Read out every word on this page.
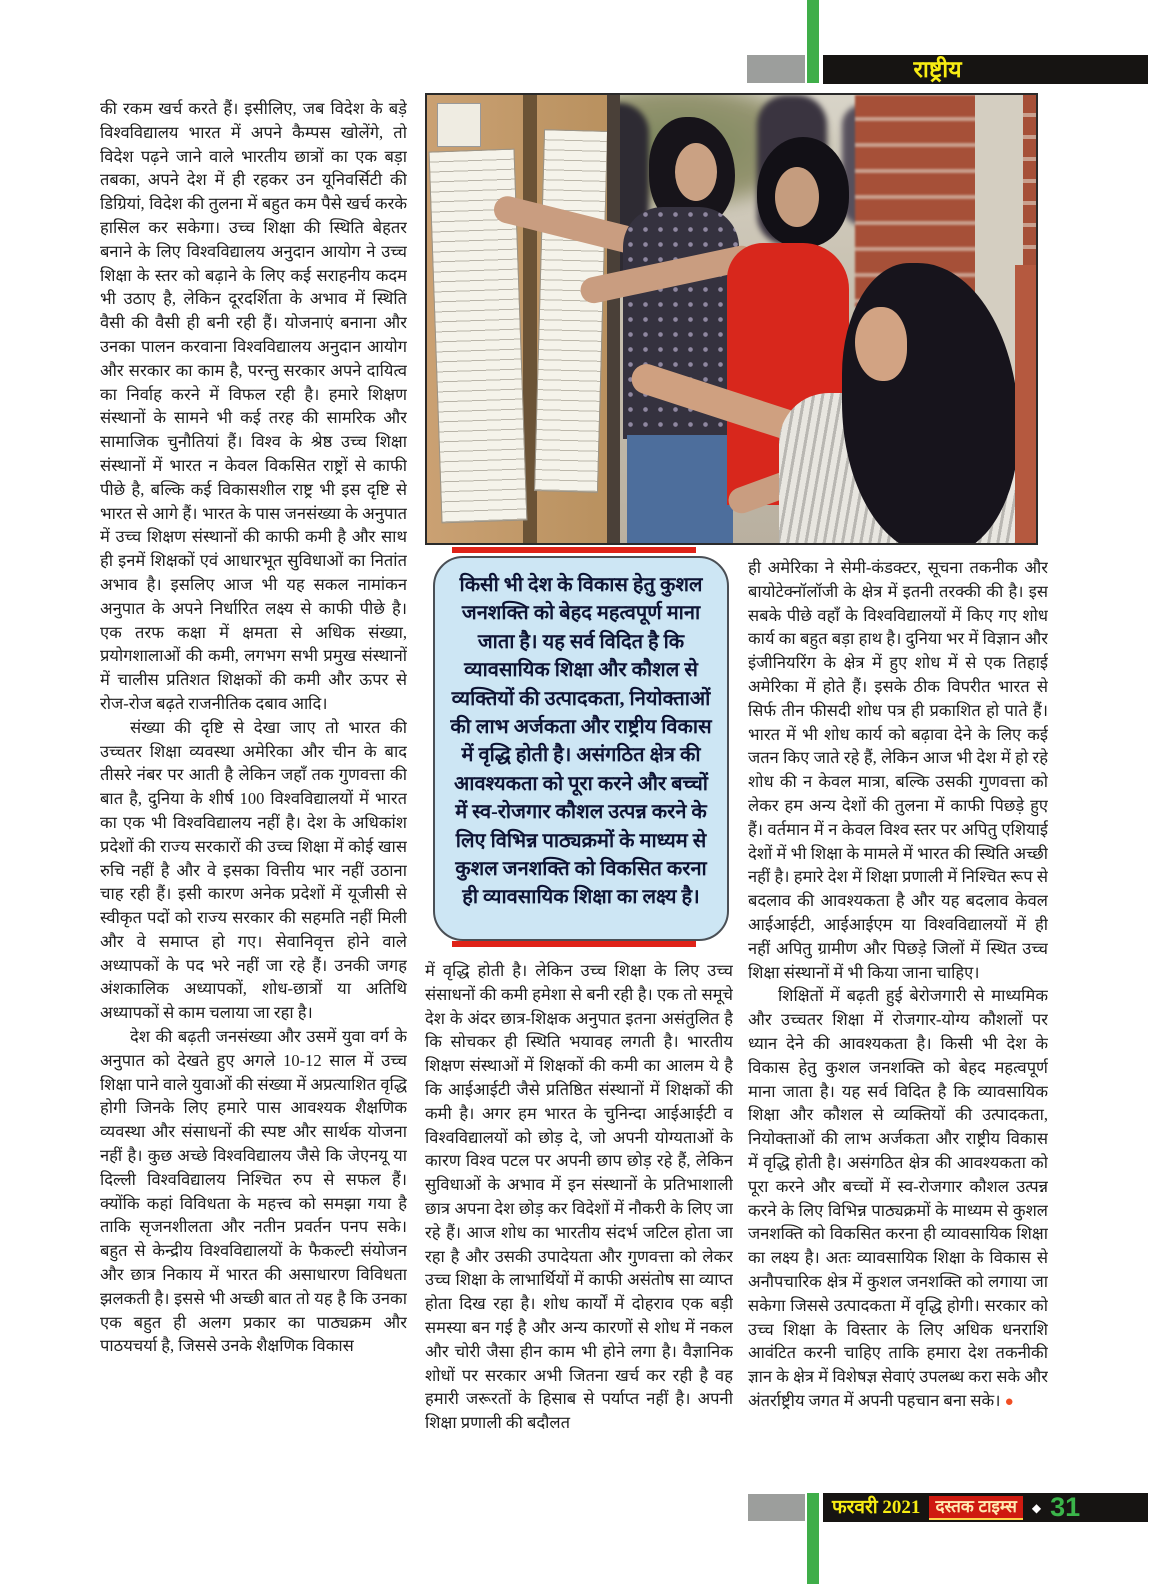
राष्ट्रीय

की रकम खर्च करते हैं। इसीलिए, जब विदेश के बड़े विश्वविद्यालय भारत में अपने कैम्पस खोलेंगे, तो विदेश पढ़ने जाने वाले भारतीय छात्रों का एक बड़ा तबका, अपने देश में ही रहकर उन यूनिवर्सिटी की डिग्रियां, विदेश की तुलना में बहुत कम पैसे खर्च करके हासिल कर सकेगा। उच्च शिक्षा की स्थिति बेहतर बनाने के लिए विश्वविद्यालय अनुदान आयोग ने उच्च शिक्षा के स्तर को बढ़ाने के लिए कई सराहनीय कदम भी उठाए है, लेकिन दूरदर्शिता के अभाव में स्थिति वैसी की वैसी ही बनी रही हैं। योजनाएं बनाना और उनका पालन करवाना विश्वविद्यालय अनुदान आयोग और सरकार का काम है, परन्तु सरकार अपने दायित्व का निर्वाह करने में विफल रही है। हमारे शिक्षण संस्थानों के सामने भी कई तरह की सामरिक और सामाजिक चुनौतियां हैं। विश्व के श्रेष्ठ उच्च शिक्षा संस्थानों में भारत न केवल विकसित राष्ट्रों से काफी पीछे है, बल्कि कई विकासशील राष्ट्र भी इस दृष्टि से भारत से आगे हैं। भारत के पास जनसंख्या के अनुपात में उच्च शिक्षण संस्थानों की काफी कमी है और साथ ही इनमें शिक्षकों एवं आधारभूत सुविधाओं का नितांत अभाव है। इसलिए आज भी यह सकल नामांकन अनुपात के अपने निर्धारित लक्ष्य से काफी पीछे है। एक तरफ कक्षा में क्षमता से अधिक संख्या, प्रयोगशालाओं की कमी, लगभग सभी प्रमुख संस्थानों में चालीस प्रतिशत शिक्षकों की कमी और ऊपर से रोज-रोज बढ़ते राजनीतिक दबाव आदि।

संख्या की दृष्टि से देखा जाए तो भारत की उच्चतर शिक्षा व्यवस्था अमेरिका और चीन के बाद तीसरे नंबर पर आती है लेकिन जहाँ तक गुणवत्ता की बात है, दुनिया के शीर्ष 100 विश्वविद्यालयों में भारत का एक भी विश्वविद्यालय नहीं है। देश के अधिकांश प्रदेशों की राज्य सरकारों की उच्च शिक्षा में कोई खास रुचि नहीं है और वे इसका वित्तीय भार नहीं उठाना चाह रही हैं। इसी कारण अनेक प्रदेशों में यूजीसी से स्वीकृत पदों को राज्य सरकार की सहमति नहीं मिली और वे समाप्त हो गए। सेवानिवृत्त होने वाले अध्यापकों के पद भरे नहीं जा रहे हैं। उनकी जगह अंशकालिक अध्यापकों, शोध-छात्रों या अतिथि अध्यापकों से काम चलाया जा रहा है।

देश की बढ़ती जनसंख्या और उसमें युवा वर्ग के अनुपात को देखते हुए अगले 10-12 साल में उच्च शिक्षा पाने वाले युवाओं की संख्या में अप्रत्याशित वृद्धि होगी जिनके लिए हमारे पास आवश्यक शैक्षणिक व्यवस्था और संसाधनों की स्पष्ट और सार्थक योजना नहीं है। कुछ अच्छे विश्वविद्यालय जैसे कि जेएनयू या दिल्ली विश्वविद्यालय निश्चित रुप से सफल हैं। क्योंकि कहां विविधता के महत्त्व को समझा गया है ताकि सृजनशीलता और नतीन प्रवर्तन पनप सके। बहुत से केन्द्रीय विश्वविद्यालयों के फैकल्टी संयोजन और छात्र निकाय में भारत की असाधारण विविधता झलकती है। इससे भी अच्छी बात तो यह है कि उनका एक बहुत ही अलग प्रकार का पाठ्यक्रम और पाठयचर्या है, जिससे उनके शैक्षणिक विकास

किसी भी देश के विकास हेतु कुशल जनशक्ति को बेहद महत्वपूर्ण माना जाता है। यह सर्व विदित है कि व्यावसायिक शिक्षा और कौशल से व्यक्तियों की उत्पादकता, नियोक्ताओं की लाभ अर्जकता और राष्ट्रीय विकास में वृद्धि होती है। असंगठित क्षेत्र की आवश्यकता को पूरा करने और बच्चों में स्व-रोजगार कौशल उत्पन्न करने के लिए विभिन्न पाठ्यक्रमों के माध्यम से कुशल जनशक्ति को विकसित करना ही व्यावसायिक शिक्षा का लक्ष्य है।

में वृद्धि होती है। लेकिन उच्च शिक्षा के लिए उच्च संसाधनों की कमी हमेशा से बनी रही है। एक तो समूचे देश के अंदर छात्र-शिक्षक अनुपात इतना असंतुलित है कि सोचकर ही स्थिति भयावह लगती है। भारतीय शिक्षण संस्थाओं में शिक्षकों की कमी का आलम ये है कि आईआईटी जैसे प्रतिष्ठित संस्थानों में शिक्षकों की कमी है। अगर हम भारत के चुनिन्दा आईआईटी व विश्वविद्यालयों को छोड़ दे, जो अपनी योग्यताओं के कारण विश्व पटल पर अपनी छाप छोड़ रहे हैं, लेकिन सुविधाओं के अभाव में इन संस्थानों के प्रतिभाशाली छात्र अपना देश छोड़ कर विदेशों में नौकरी के लिए जा रहे हैं। आज शोध का भारतीय संदर्भ जटिल होता जा रहा है और उसकी उपादेयता और गुणवत्ता को लेकर उच्च शिक्षा के लाभार्थियों में काफी असंतोष सा व्याप्त होता दिख रहा है। शोध कार्यों में दोहराव एक बड़ी समस्या बन गई है और अन्य कारणों से शोध में नकल और चोरी जैसा हीन काम भी होने लगा है। वैज्ञानिक शोधों पर सरकार अभी जितना खर्च कर रही है वह हमारी जरूरतों के हिसाब से पर्याप्त नहीं है। अपनी शिक्षा प्रणाली की बदौलत

ही अमेरिका ने सेमी-कंडक्टर, सूचना तकनीक और बायोटेक्नॉलॉजी के क्षेत्र में इतनी तरक्की की है। इस सबके पीछे वहाँ के विश्वविद्यालयों में किए गए शोध कार्य का बहुत बड़ा हाथ है। दुनिया भर में विज्ञान और इंजीनियरिंग के क्षेत्र में हुए शोध में से एक तिहाई अमेरिका में होते हैं। इसके ठीक विपरीत भारत से सिर्फ तीन फीसदी शोध पत्र ही प्रकाशित हो पाते हैं। भारत में भी शोध कार्य को बढ़ावा देने के लिए कई जतन किए जाते रहे हैं, लेकिन आज भी देश में हो रहे शोध की न केवल मात्रा, बल्कि उसकी गुणवत्ता को लेकर हम अन्य देशों की तुलना में काफी पिछड़े हुए हैं। वर्तमान में न केवल विश्व स्तर पर अपितु एशियाई देशों में भी शिक्षा के मामले में भारत की स्थिति अच्छी नहीं है। हमारे देश में शिक्षा प्रणाली में निश्चित रूप से बदलाव की आवश्यकता है और यह बदलाव केवल आईआईटी, आईआईएम या विश्वविद्यालयों में ही नहीं अपितु ग्रामीण और पिछड़े जिलों में स्थित उच्च शिक्षा संस्थानों में भी किया जाना चाहिए।

शिक्षितों में बढ़ती हुई बेरोजगारी से माध्यमिक और उच्चतर शिक्षा में रोजगार-योग्य कौशलों पर ध्यान देने की आवश्यकता है। किसी भी देश के विकास हेतु कुशल जनशक्ति को बेहद महत्वपूर्ण माना जाता है। यह सर्व विदित है कि व्यावसायिक शिक्षा और कौशल से व्यक्तियों की उत्पादकता, नियोक्ताओं की लाभ अर्जकता और राष्ट्रीय विकास में वृद्धि होती है। असंगठित क्षेत्र की आवश्यकता को पूरा करने और बच्चों में स्व-रोजगार कौशल उत्पन्न करने के लिए विभिन्न पाठ्यक्रमों के माध्यम से कुशल जनशक्ति को विकसित करना ही व्यावसायिक शिक्षा का लक्ष्य है। अतः व्यावसायिक शिक्षा के विकास से अनौपचारिक क्षेत्र में कुशल जनशक्ति को लगाया जा सकेगा जिससे उत्पादकता में वृद्धि होगी। सरकार को उच्च शिक्षा के विस्तार के लिए अधिक धनराशि आवंटित करनी चाहिए ताकि हमारा देश तकनीकी ज्ञान के क्षेत्र में विशेषज्ञ सेवाएं उपलब्ध करा सके और अंतर्राष्ट्रीय जगत में अपनी पहचान बना सके। ●

फरवरी 2021 दस्तक टाइम्स	◆ 31
